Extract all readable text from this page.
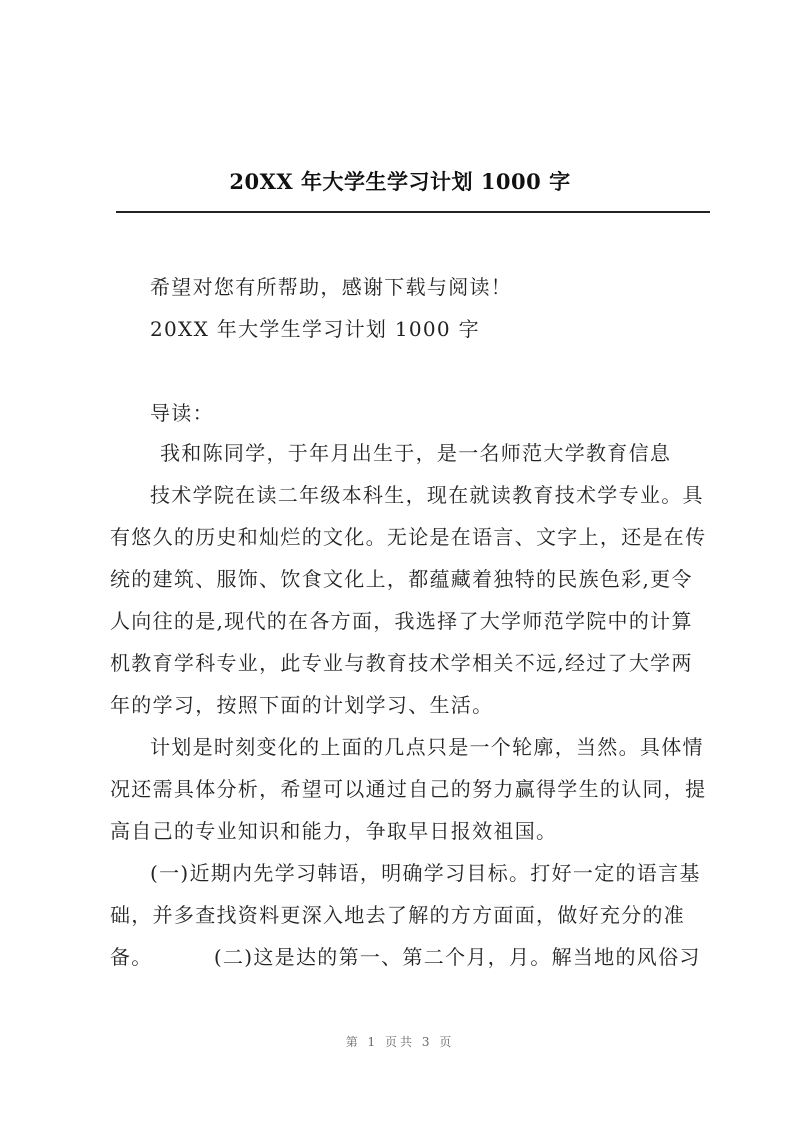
20XX 年大学生学习计划 1000 字
希望对您有所帮助，感谢下载与阅读！
20XX 年大学生学习计划 1000 字
导读：
我和陈同学，于年月出生于，是一名师范大学教育信息
技术学院在读二年级本科生，现在就读教育技术学专业。具
有悠久的历史和灿烂的文化。无论是在语言、文字上，还是在传
统的建筑、服饰、饮食文化上，都蕴藏着独特的民族色彩,更令
人向往的是,现代的在各方面，我选择了大学师范学院中的计算
机教育学科专业，此专业与教育技术学相关不远,经过了大学两
年的学习，按照下面的计划学习、生活。
计划是时刻变化的上面的几点只是一个轮廓，当然。具体情
况还需具体分析，希望可以通过自己的努力赢得学生的认同，提
高自己的专业知识和能力，争取早日报效祖国。
(一)近期内先学习韩语，明确学习目标。打好一定的语言基
础，并多查找资料更深入地去了解的方方面面，做好充分的准
备。        (二)这是达的第一、第二个月，月。解当地的风俗习
第 1 页共 3 页
